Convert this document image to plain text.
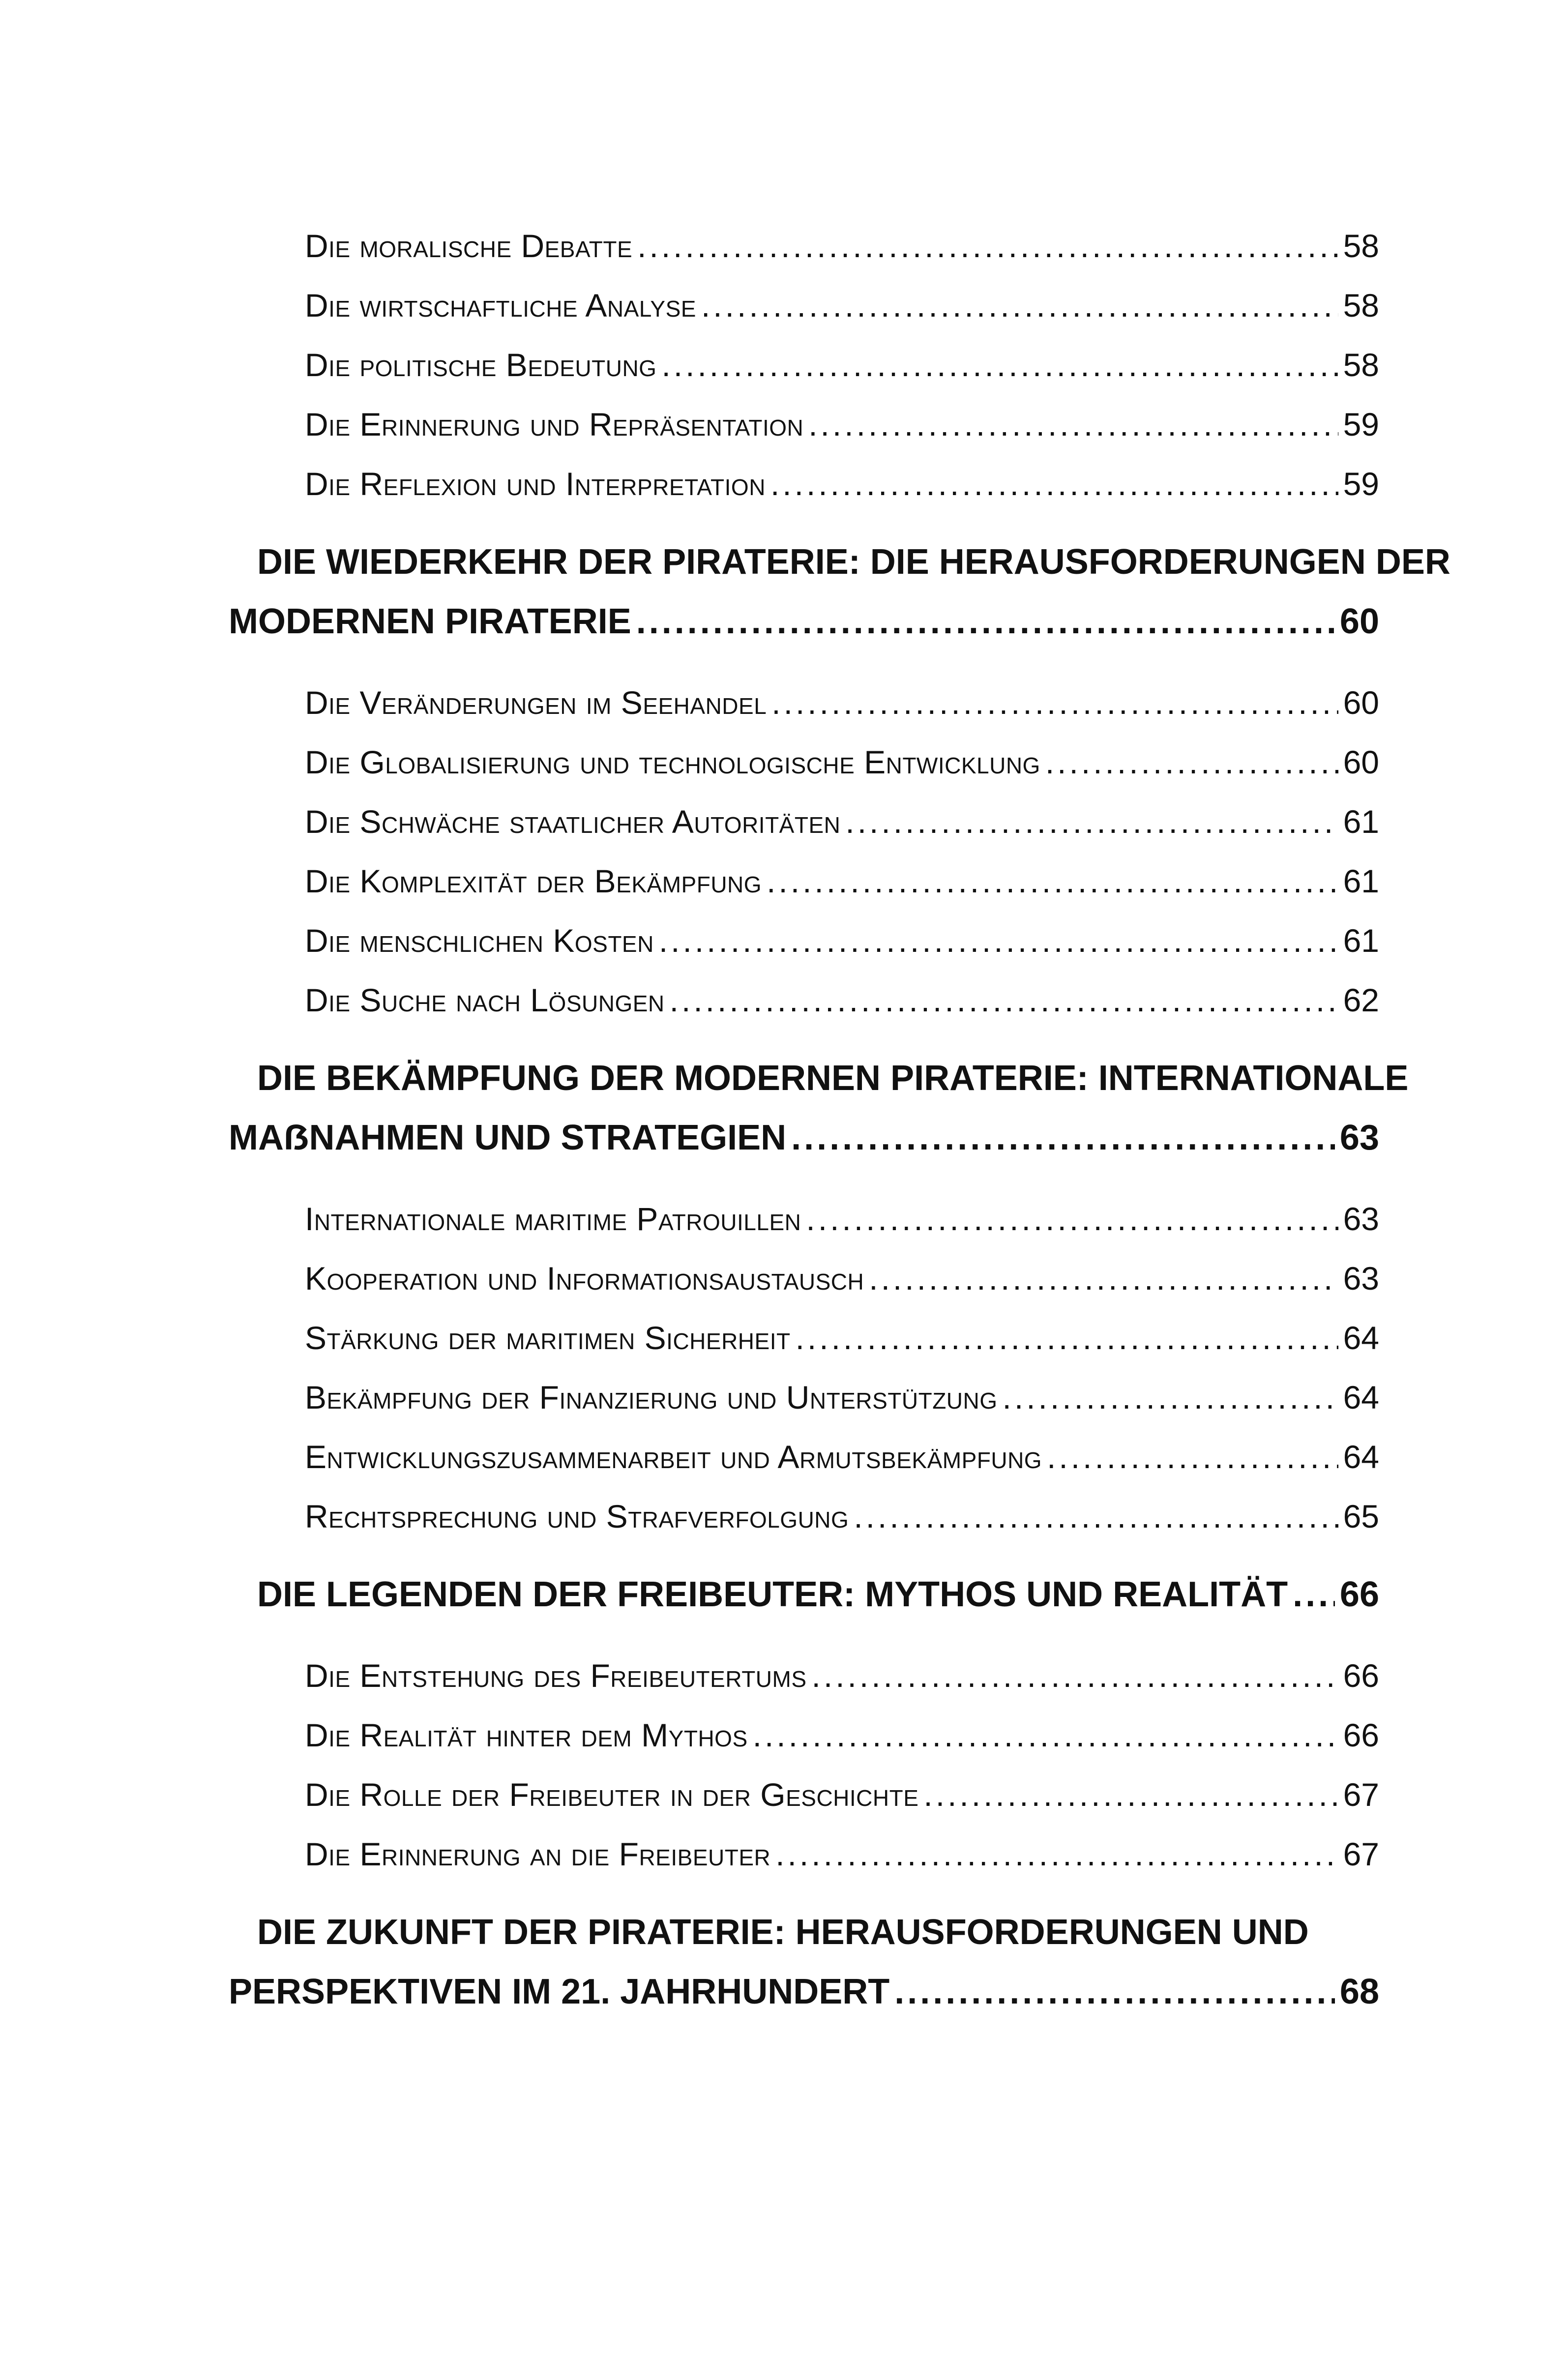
Die moralische Debatte .....	58
Die wirtschaftliche Analyse .....	58
Die politische Bedeutung .....	58
Die Erinnerung und Repräsentation .....	59
Die Reflexion und Interpretation .....	59
DIE WIEDERKEHR DER PIRATERIE: DIE HERAUSFORDERUNGEN DER
MODERNEN PIRATERIE .....	60
Die Veränderungen im Seehandel .....	60
Die Globalisierung und technologische Entwicklung .....	60
Die Schwäche staatlicher Autoritäten .....	61
Die Komplexität der Bekämpfung .....	61
Die menschlichen Kosten .....	61
Die Suche nach Lösungen .....	62
DIE BEKÄMPFUNG DER MODERNEN PIRATERIE: INTERNATIONALE
MAẞNAHMEN UND STRATEGIEN .....	63
Internationale maritime Patrouillen .....	63
Kooperation und Informationsaustausch .....	63
Stärkung der maritimen Sicherheit .....	64
Bekämpfung der Finanzierung und Unterstützung .....	64
Entwicklungszusammenarbeit und Armutsbekämpfung .....	64
Rechtsprechung und Strafverfolgung .....	65
DIE LEGENDEN DER FREIBEUTER: MYTHOS UND REALITÄT ..... 66
Die Entstehung des Freibeutertums .....	66
Die Realität hinter dem Mythos .....	66
Die Rolle der Freibeuter in der Geschichte .....	67
Die Erinnerung an die Freibeuter .....	67
DIE ZUKUNFT DER PIRATERIE: HERAUSFORDERUNGEN UND
PERSPEKTIVEN IM 21. JAHRHUNDERT .....	68
